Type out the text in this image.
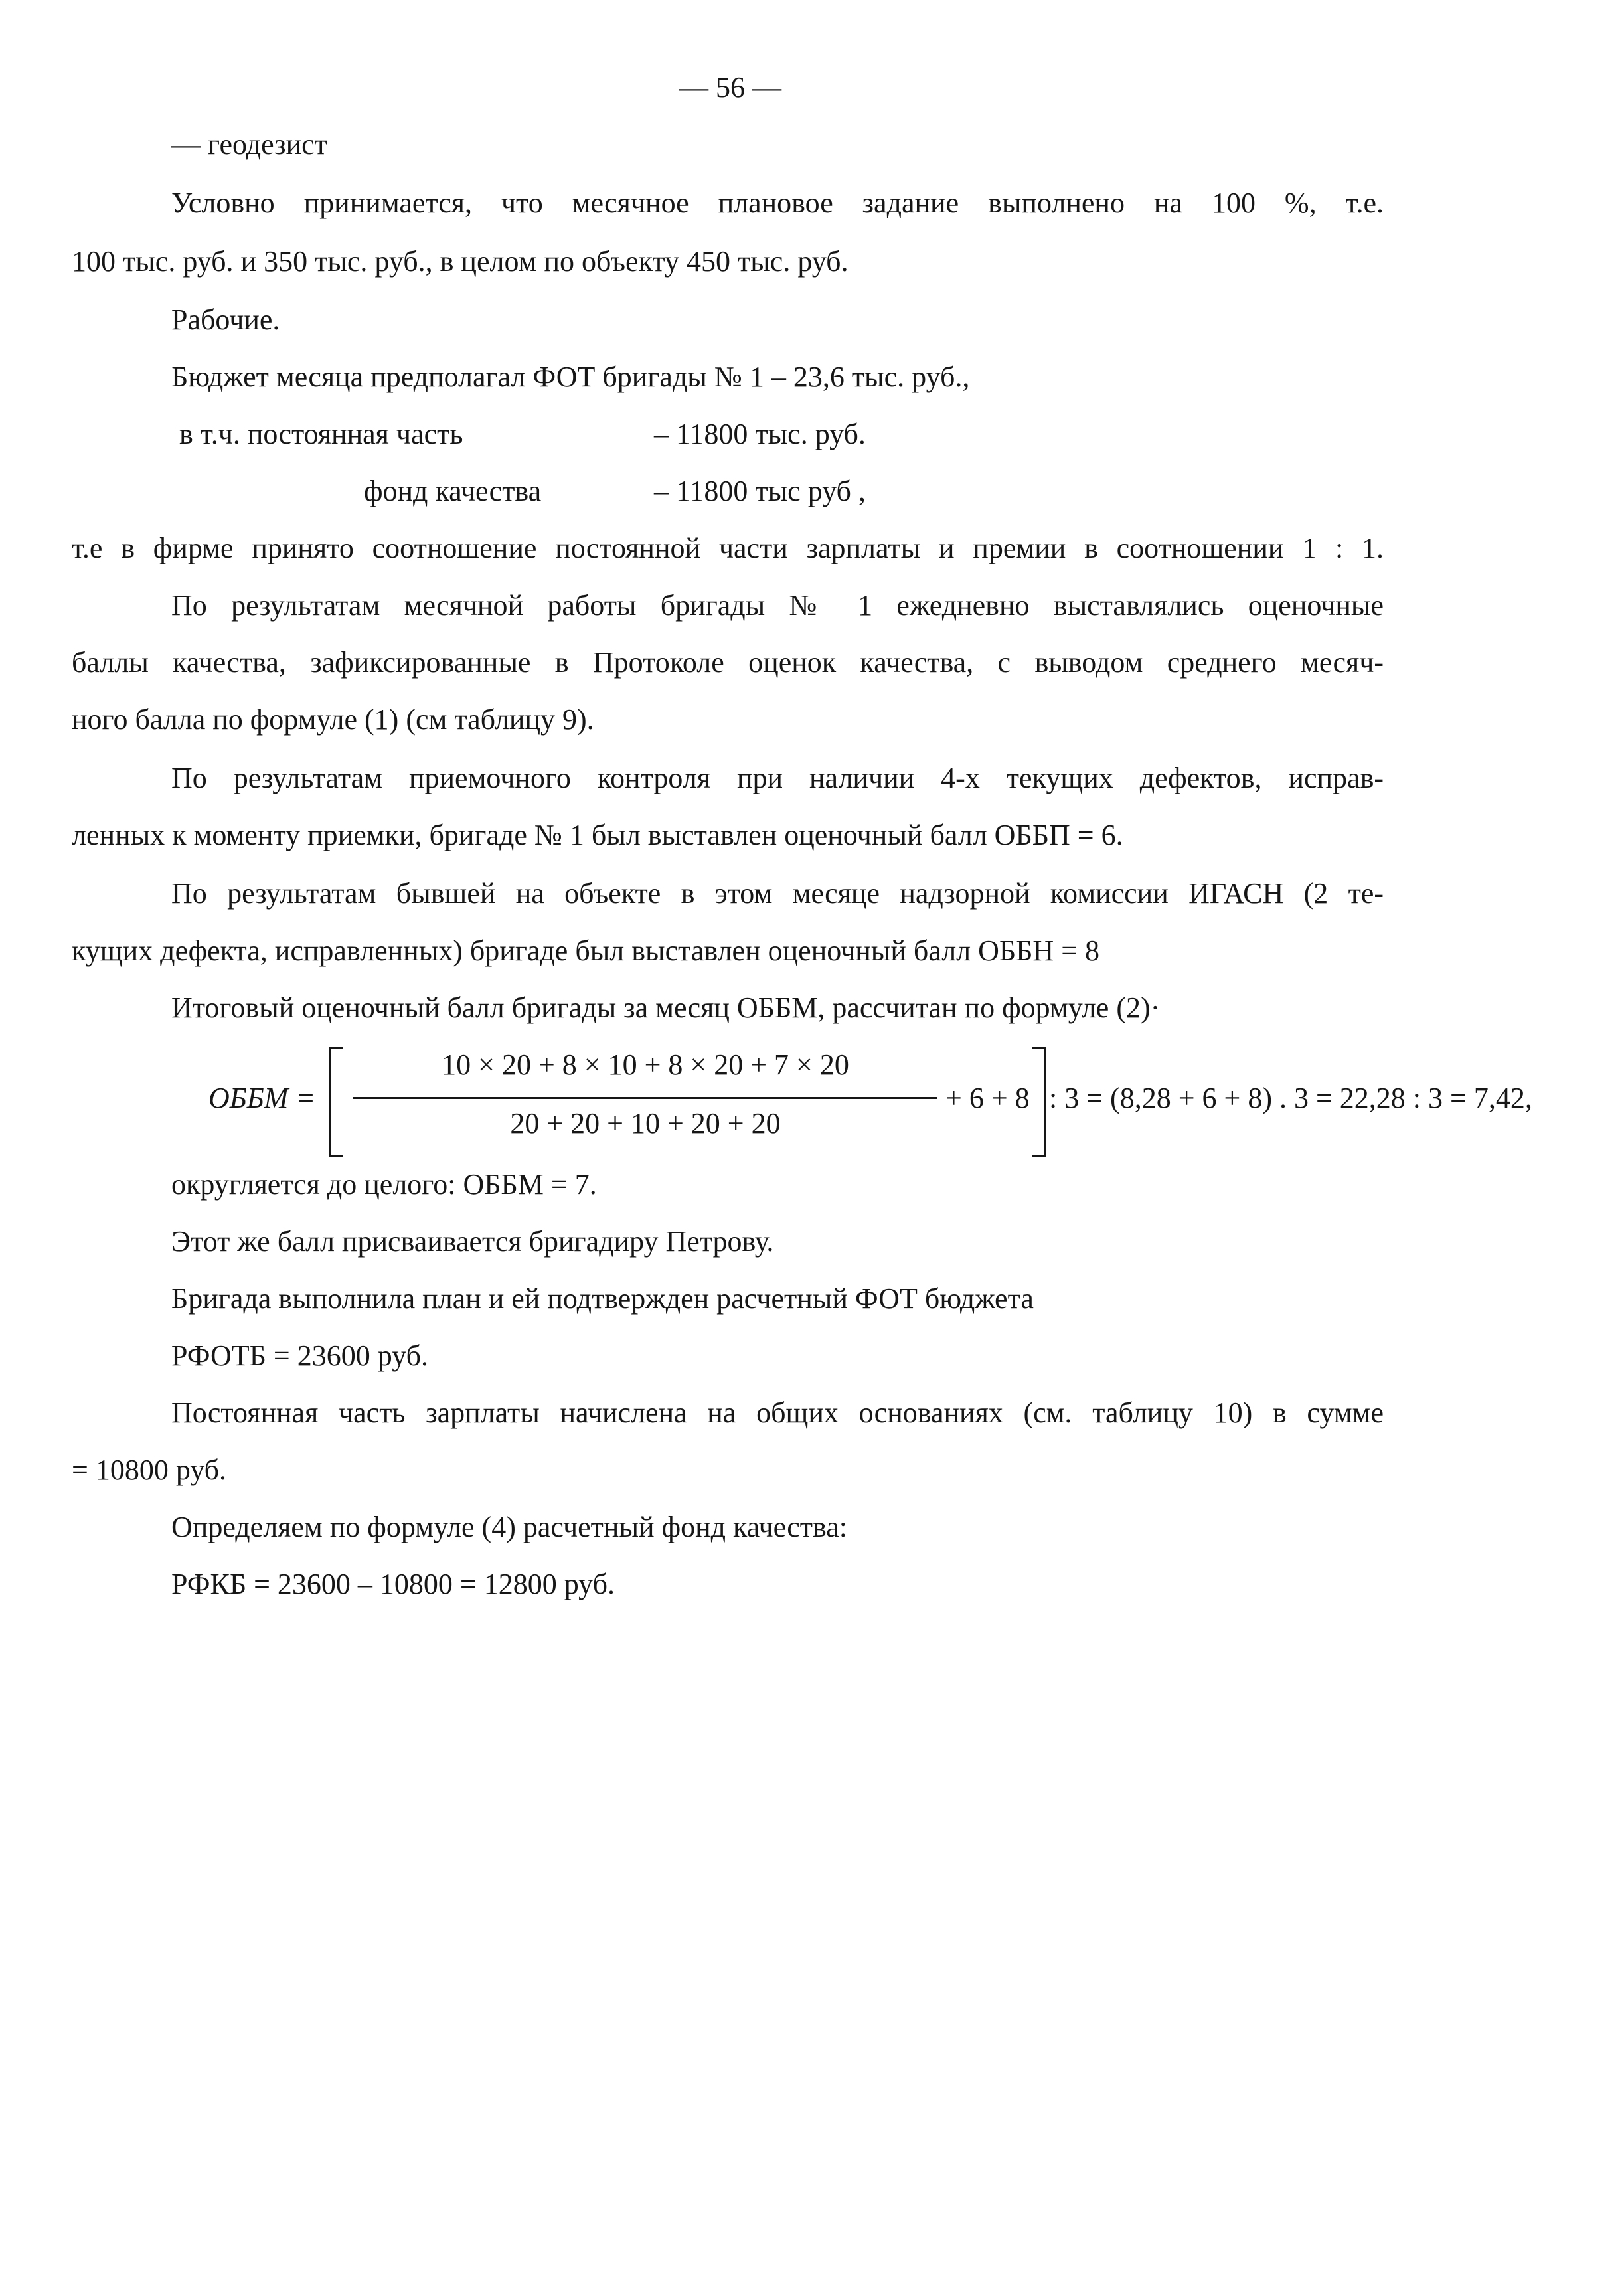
— 56 —
— геодезист
Условно принимается, что месячное плановое задание выполнено на 100 %, т.е.
100 тыс. руб. и 350 тыс. руб., в целом по объекту 450 тыс. руб.
Рабочие.
Бюджет месяца предполагал ФОТ бригады № 1 – 23,6 тыс. руб.,
в т.ч. постоянная часть	– 11800 тыс. руб.
фонд качества	– 11800 тыс руб ,
т.е в фирме принято соотношение постоянной части зарплаты и премии в соотношении 1 : 1.
По результатам месячной работы бригады № 1 ежедневно выставлялись оценочные
баллы качества, зафиксированные в Протоколе оценок качества, с выводом среднего месяч-
ного балла по формуле (1) (см таблицу 9).
По результатам приемочного контроля при наличии 4-х текущих дефектов, исправ-
ленных к моменту приемки, бригаде № 1 был выставлен оценочный балл ОББП = 6.
По результатам бывшей на объекте в этом месяце надзорной комиссии ИГАСН (2 те-
кущих дефекта, исправленных) бригаде был выставлен оценочный балл ОББН = 8
Итоговый оценочный балл бригады за месяц ОББМ, рассчитан по формуле (2)·
ОББМ =
10 × 20 + 8 × 10 + 8 × 20 + 7 × 20
20 + 20 + 10 + 20 + 20
+ 6 + 8 : 3 = (8,28 + 6 + 8) . 3 = 22,28 : 3 = 7,42,
округляется до целого: ОББМ = 7.
Этот же балл присваивается бригадиру Петрову.
Бригада выполнила план и ей подтвержден расчетный ФОТ бюджета
РФОТБ = 23600 руб.
Постоянная часть зарплаты начислена на общих основаниях (см. таблицу 10) в сумме
= 10800 руб.
Определяем по формуле (4) расчетный фонд качества:
РФКБ = 23600 – 10800 = 12800 руб.
